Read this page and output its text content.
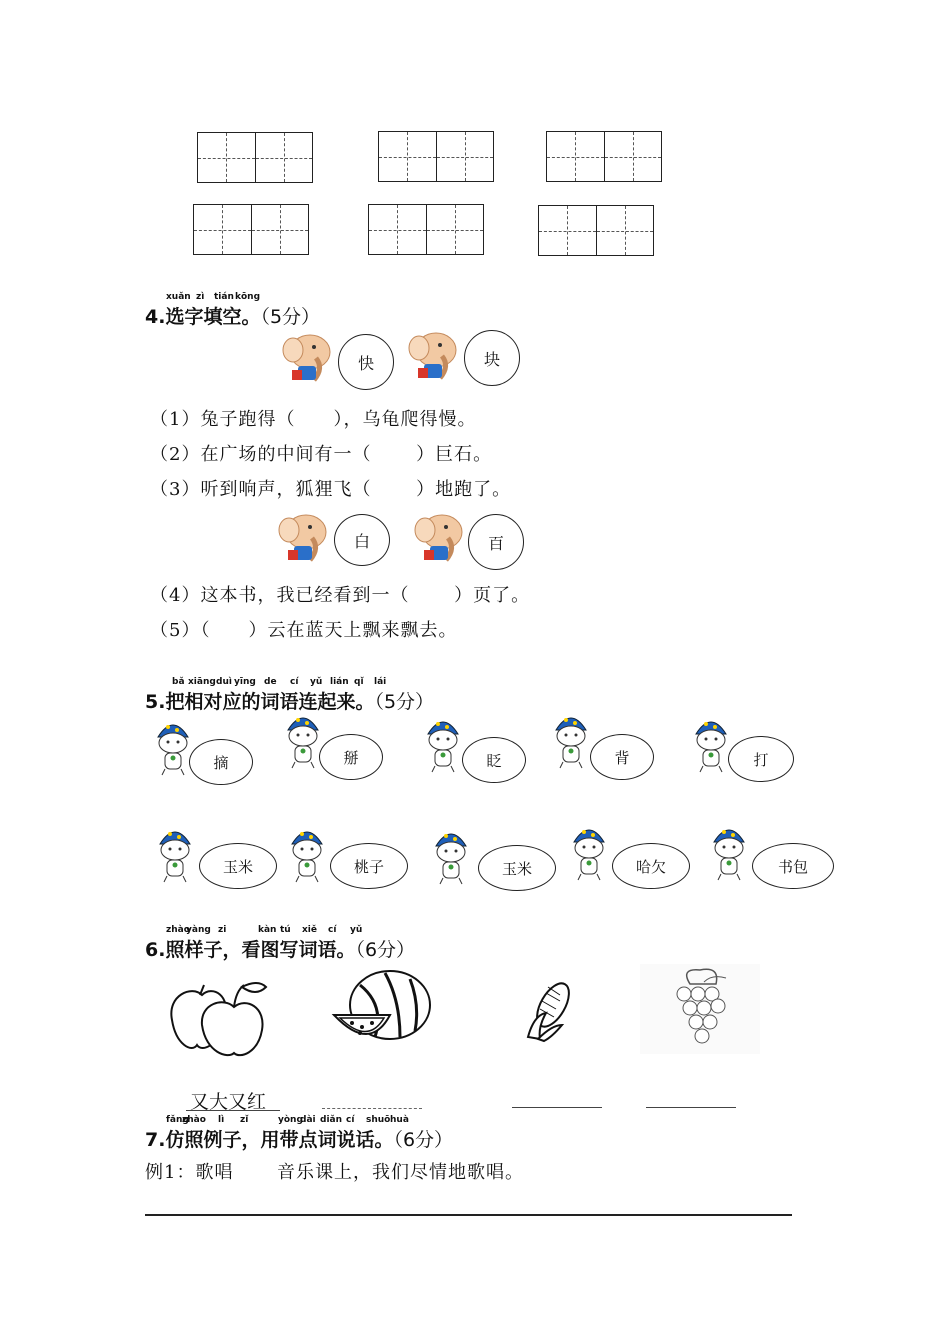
xuǎn zì tián kōng
4.选字填空。（5分）
快	块
（1）兔子跑得（　　），乌龟爬得慢。
（2）在广场的中间有一（　　 ）巨石。
（3）听到响声，狐狸飞（　　 ）地跑了。
白	百
（4）这本书，我已经看到一（　　 ）页了。
（5）（　　）云在蓝天上飘来飘去。
bǎ xiāng duì yīng de cí yǔ lián qǐ lái
5.把相对应的词语连起来。（5分）
摘	掰	眨	背	打
玉米	桃子	玉米	哈欠	书包
zhào
yàng zi	kàn tú xiě cí yǔ
6.照样子，看图写词语。（6分）
又大又红
fǎng
zhào lì zǐ	yòng
dài diǎn cí shuō huà
7.仿照例子，用带点词说话。（6分）
例1：歌唱 音乐课上，我们尽情地歌唱。
